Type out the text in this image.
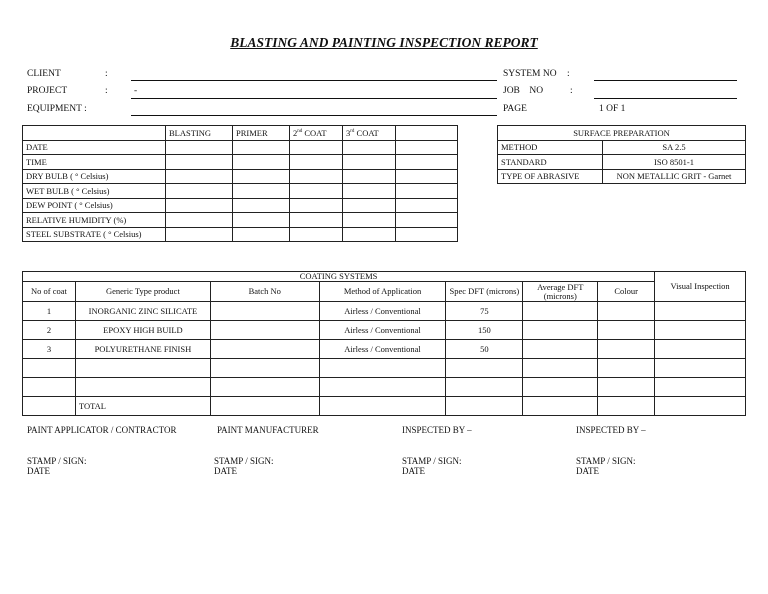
BLASTING AND PAINTING INSPECTION REPORT
CLIENT	:
PROJECT	:	-
EQUIPMENT :
SYSTEM NO :
JOB    NO	:
PAGE	1 OF 1
	BLASTING	PRIMER	2nd COAT	3rd COAT	
DATE					
TIME					
DRY BULB ( ° Celsius)					
WET BULB ( ° Celsius)					
DEW POINT ( ° Celsius)					
RELATIVE HUMIDITY (%)					
STEEL SUBSTRATE ( ° Celsius)					
SURFACE PREPARATION	
METHOD	SA 2.5
STANDARD	ISO 8501-1
TYPE OF ABRASIVE	NON METALLIC GRIT - Garnet
COATING SYSTEMS							Visual Inspection
No of coat	Generic Type product	Batch No	Method of Application	Spec DFT (microns)	Average DFT (microns)	Colour	
1	INORGANIC ZINC SILICATE		Airless / Conventional	75			
2	EPOXY HIGH BUILD		Airless / Conventional	150			
3	POLYURETHANE FINISH		Airless / Conventional	50			

	TOTAL						
PAINT APPLICATOR / CONTRACTOR
STAMP / SIGN:
DATE
PAINT MANUFACTURER
STAMP / SIGN:
DATE
INSPECTED BY –
STAMP / SIGN:
DATE
INSPECTED BY –
STAMP / SIGN:
DATE
